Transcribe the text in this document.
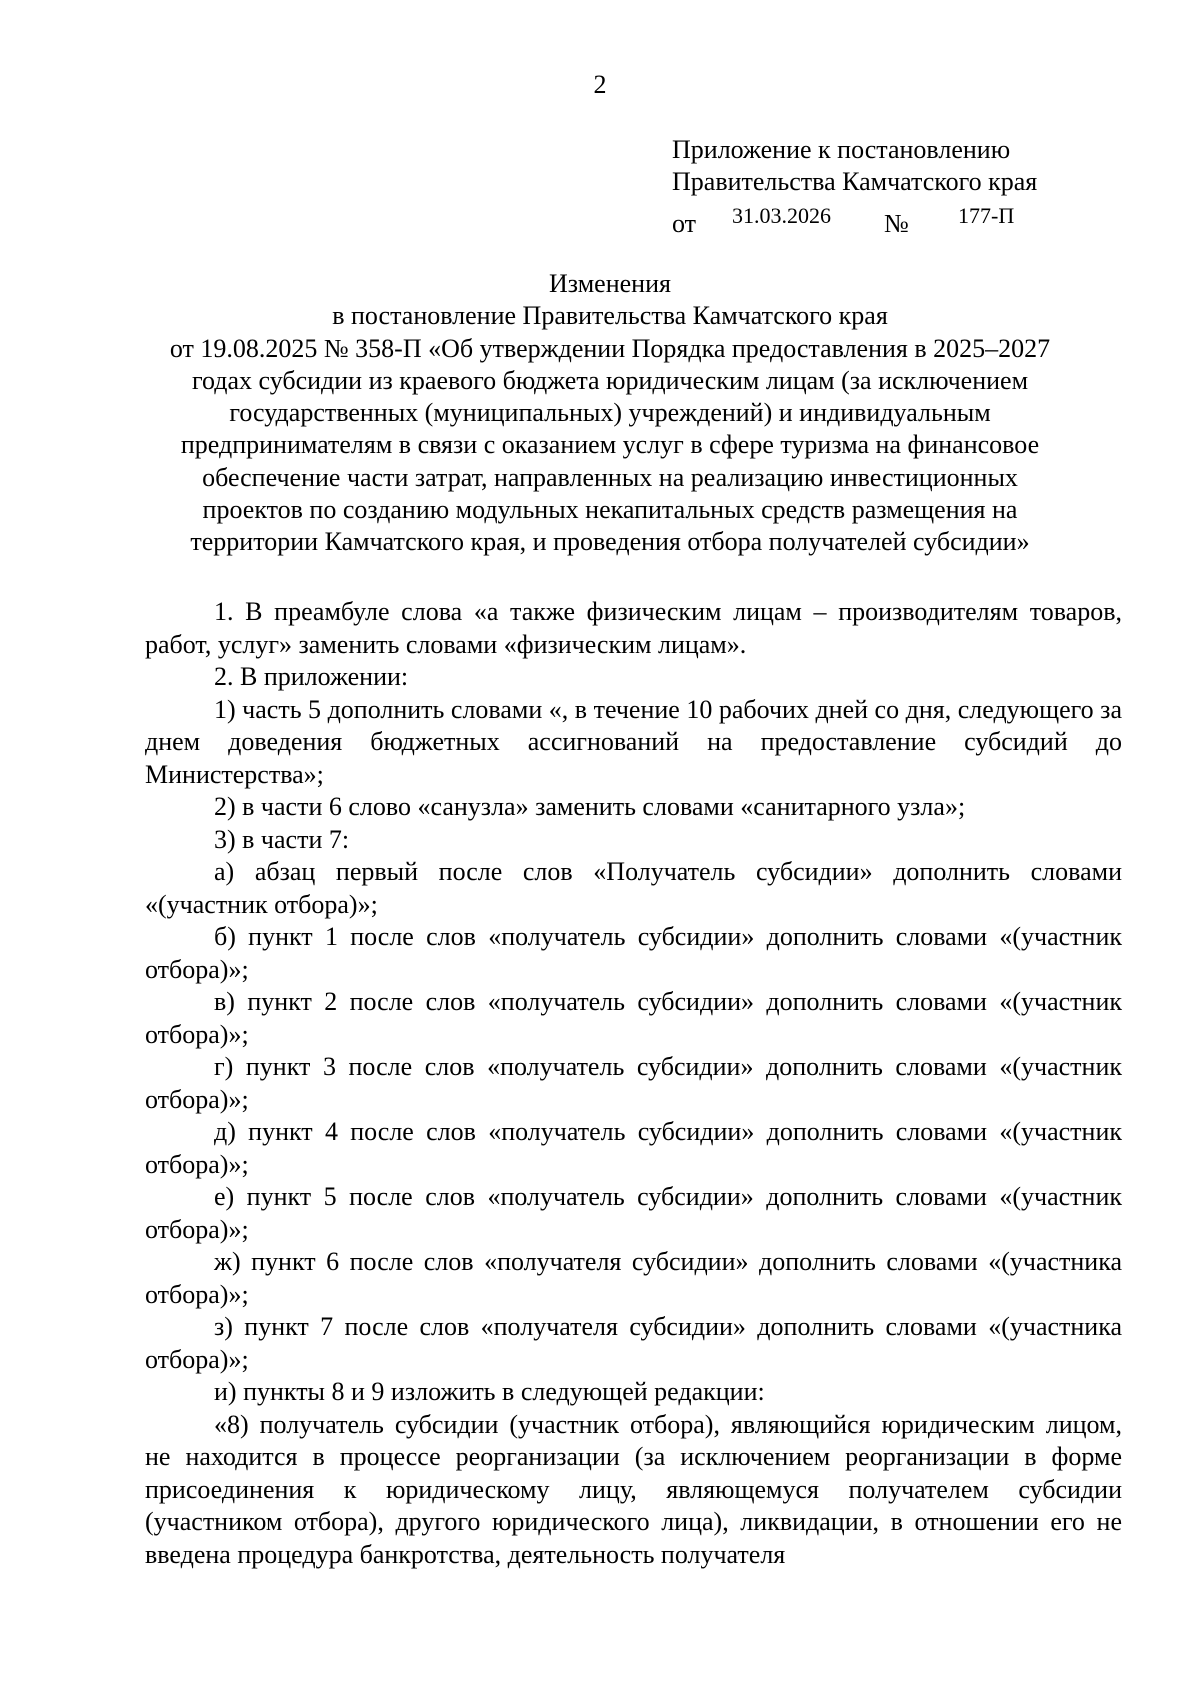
2
Приложение к постановлению
Правительства Камчатского края
от 31.03.2026 № 177-П
Изменения
в постановление Правительства Камчатского края
от 19.08.2025 № 358-П «Об утверждении Порядка предоставления в 2025–2027
годах субсидии из краевого бюджета юридическим лицам (за исключением
государственных (муниципальных) учреждений) и индивидуальным
предпринимателям в связи с оказанием услуг в сфере туризма на финансовое
обеспечение части затрат, направленных на реализацию инвестиционных
проектов по созданию модульных некапитальных средств размещения на
территории Камчатского края, и проведения отбора получателей субсидии»

1. В преамбуле слова «а также физическим лицам – производителям товаров, работ, услуг» заменить словами «физическим лицам».

2. В приложении:

1) часть 5 дополнить словами «, в течение 10 рабочих дней со дня, следующего за днем доведения бюджетных ассигнований на предоставление субсидий до Министерства»;

2) в части 6 слово «санузла» заменить словами «санитарного узла»;

3) в части 7:

а) абзац первый после слов «Получатель субсидии» дополнить словами «(участник отбора)»;

б) пункт 1 после слов «получатель субсидии» дополнить словами «(участник отбора)»;

в) пункт 2 после слов «получатель субсидии» дополнить словами «(участник отбора)»;

г) пункт 3 после слов «получатель субсидии» дополнить словами «(участник отбора)»;

д) пункт 4 после слов «получатель субсидии» дополнить словами «(участник отбора)»;

е) пункт 5 после слов «получатель субсидии» дополнить словами «(участник отбора)»;

ж) пункт 6 после слов «получателя субсидии» дополнить словами «(участника отбора)»;

з) пункт 7 после слов «получателя субсидии» дополнить словами «(участника отбора)»;

и) пункты 8 и 9 изложить в следующей редакции:

«8) получатель субсидии (участник отбора), являющийся юридическим лицом, не находится в процессе реорганизации (за исключением реорганизации в форме присоединения к юридическому лицу, являющемуся получателем субсидии (участником отбора), другого юридического лица), ликвидации, в отношении его не введена процедура банкротства, деятельность получателя
